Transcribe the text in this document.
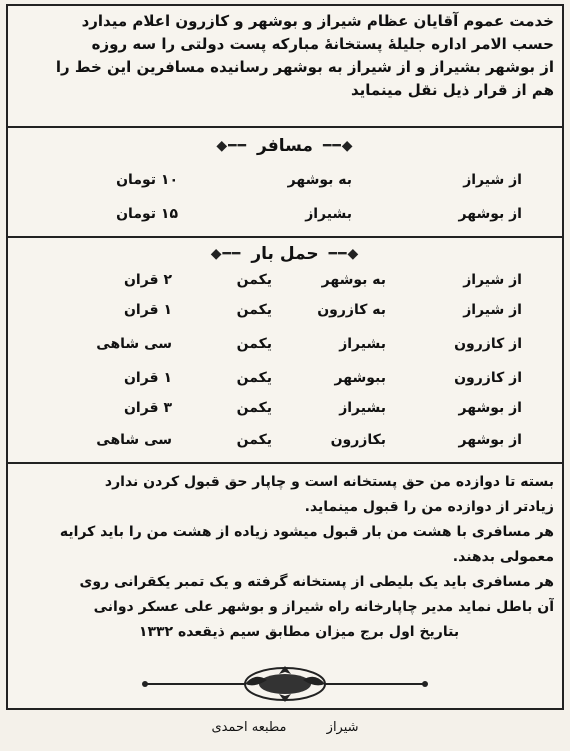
خدمت عموم آقایان عظام شیراز و بوشهر و کازرون اعلام میدارد
حسب الامر اداره جلیلهٔ پستخانهٔ مبارکه پست دولتی را سه روزه
از بوشهر بشیراز و از شیراز به بوشهر رسانیده مسافرین این خط را
هم از قرار ذیل نقل مینماید
◆━━ مسافر ━━◆
از شیراز
به بوشهر
۱۰ تومان
از بوشهر
بشیراز
۱۵ تومان
◆━━ حمل بار ━━◆
از شیراز
به بوشهر
یکمن
۲ قران
از شیراز
به کازرون
یکمن
۱ قران
از کازرون
بشیراز
یکمن
سی شاهی
از کازرون
ببوشهر
یکمن
۱ قران
از بوشهر
بشیراز
یکمن
۳ قران
از بوشهر
بکازرون
یکمن
سی شاهی
بسته تا دوازده من حق پستخانه است و چاپار حق قبول کردن ندارد
زیادتر از دوازده من را قبول مینماید.
هر مسافری با هشت من بار قبول میشود زیاده از هشت من را باید کرایه
معمولی بدهند.
هر مسافری باید یک بلیطی از پستخانه گرفته و یک تمبر یکقرانی روی
آن باطل نماید مدیر چاپارخانه راه شیراز و بوشهر علی عسکر دوانی
بتاریخ اول برج میزان مطابق سیم ذیقعده ۱۳۳۲
شیراز مطبعه احمدی
